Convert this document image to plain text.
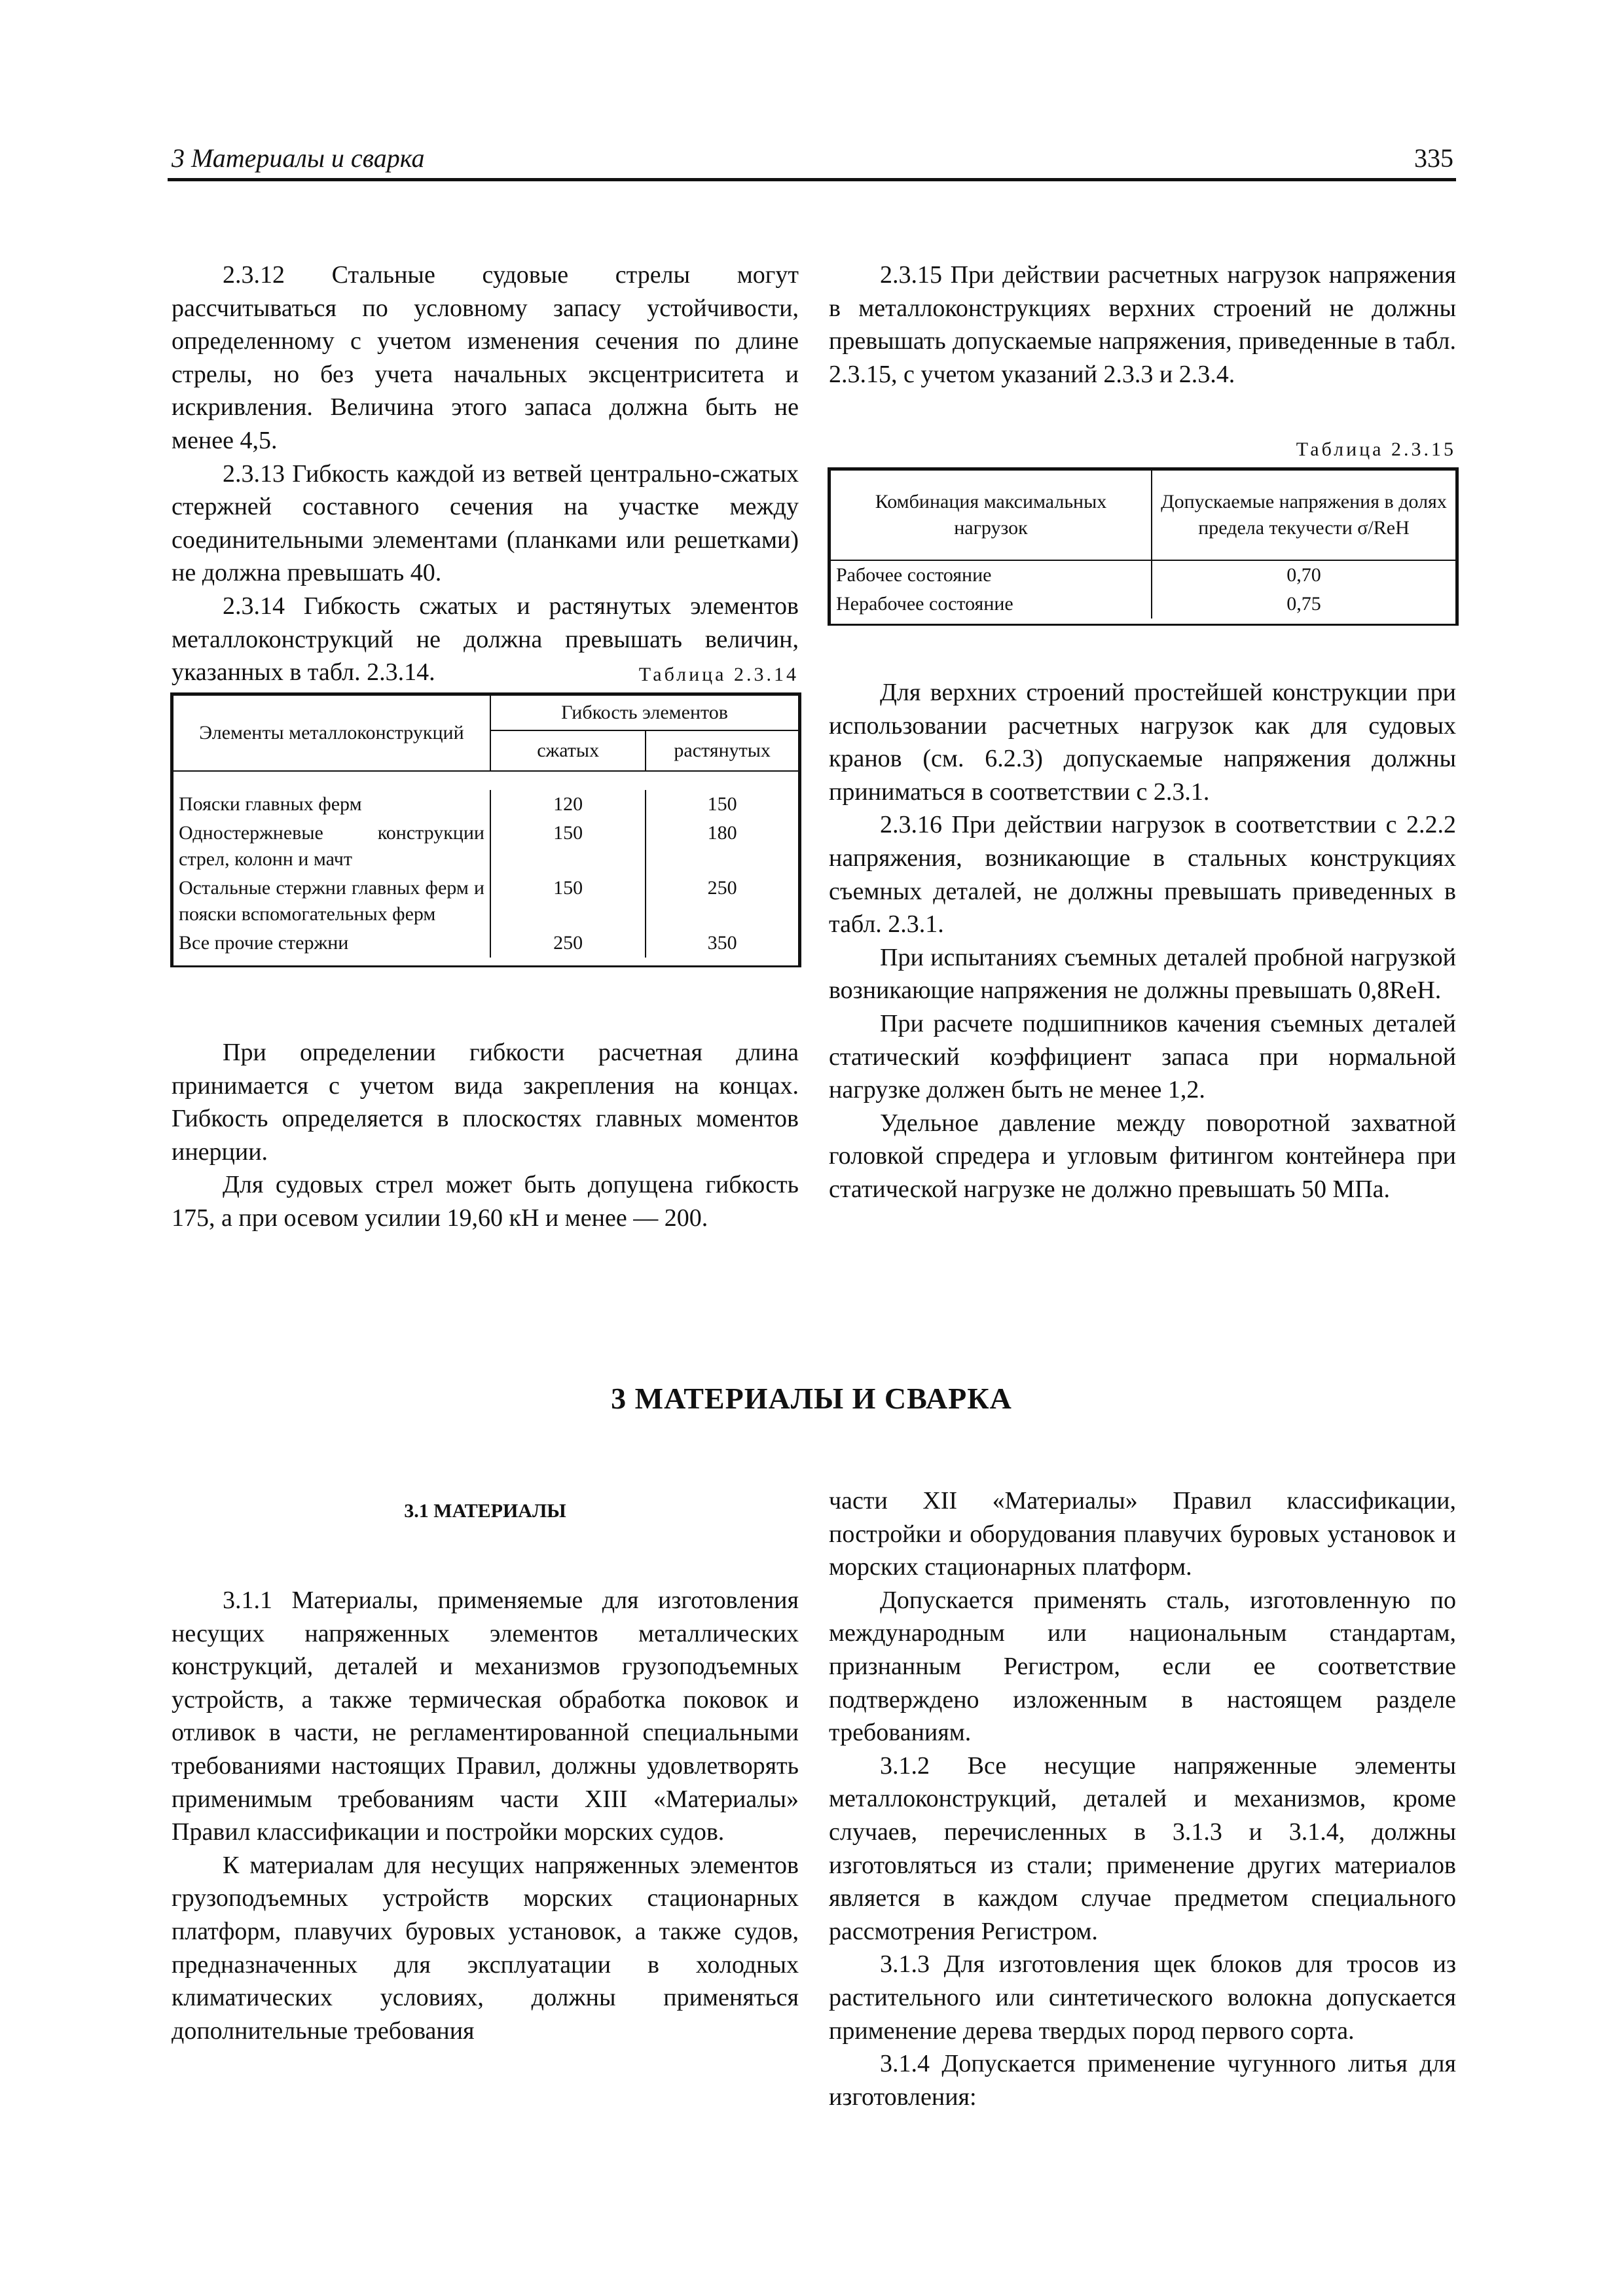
3 Материалы и сварка	335

2.3.12 Стальные судовые стрелы могут рассчитываться по условному запасу устойчивости, определенному с учетом изменения сечения по длине стрелы, но без учета начальных эксцентриситета и искривления. Величина этого запаса должна быть не менее 4,5.

2.3.13 Гибкость каждой из ветвей центрально-сжатых стержней составного сечения на участке между соединительными элементами (планками или решетками) не должна превышать 40.

2.3.14 Гибкость сжатых и растянутых элементов металлоконструкций не должна превышать величин, указанных в табл. 2.3.14.	Таблица 2.3.14
Элементы металлоконструкций	Гибкость элементов	
	сжатых	растянутых

Пояски главных ферм	120	150
Одностержневые конструкции стрел, колонн и мачт	150	180
Остальные стержни главных ферм и пояски вспомогательных ферм	150	250
Все прочие стержни	250	350

При определении гибкости расчетная длина принимается с учетом вида закрепления на концах. Гибкость определяется в плоскостях главных моментов инерции.

Для судовых стрел может быть допущена гибкость 175, а при осевом усилии 19,60 кН и менее — 200.

2.3.15 При действии расчетных нагрузок напряжения в металлоконструкциях верхних строений не должны превышать допускаемые напряжения, приведенные в табл. 2.3.15, с учетом указаний 2.3.3 и 2.3.4.

Таблица 2.3.15
Комбинация максимальных нагрузок	Допускаемые напряжения в долях предела текучести σ/ReH
Рабочее состояние	0,70
Нерабочее состояние	0,75

Для верхних строений простейшей конструкции при использовании расчетных нагрузок как для судовых кранов (см. 6.2.3) допускаемые напряжения должны приниматься в соответствии с 2.3.1.

2.3.16 При действии нагрузок в соответствии с 2.2.2 напряжения, возникающие в стальных конструкциях съемных деталей, не должны превышать приведенных в табл. 2.3.1.

При испытаниях съемных деталей пробной нагрузкой возникающие напряжения не должны превышать 0,8ReH.

При расчете подшипников качения съемных деталей статический коэффициент запаса при нормальной нагрузке должен быть не менее 1,2.

Удельное давление между поворотной захватной головкой спредера и угловым фитингом контейнера при статической нагрузке не должно превышать 50 МПа.

3 МАТЕРИАЛЫ И СВАРКА
3.1 МАТЕРИАЛЫ

3.1.1 Материалы, применяемые для изготовления несущих напряженных элементов металлических конструкций, деталей и механизмов грузоподъемных устройств, а также термическая обработка поковок и отливок в части, не регламентированной специальными требованиями настоящих Правил, должны удовлетворять применимым требованиям части XIII «Материалы» Правил классификации и постройки морских судов.

К материалам для несущих напряженных элементов грузоподъемных устройств морских стационарных платформ, плавучих буровых установок, а также судов, предназначенных для эксплуатации в холодных климатических условиях, должны применяться дополнительные требования

части XII «Материалы» Правил классификации, постройки и оборудования плавучих буровых установок и морских стационарных платформ.

Допускается применять сталь, изготовленную по международным или национальным стандартам, признанным Регистром, если ее соответствие подтверждено изложенным в настоящем разделе требованиям.

3.1.2 Все несущие напряженные элементы металлоконструкций, деталей и механизмов, кроме случаев, перечисленных в 3.1.3 и 3.1.4, должны изготовляться из стали; применение других материалов является в каждом случае предметом специального рассмотрения Регистром.

3.1.3 Для изготовления щек блоков для тросов из растительного или синтетического волокна допускается применение дерева твердых пород первого сорта.

3.1.4 Допускается применение чугунного литья для изготовления:
